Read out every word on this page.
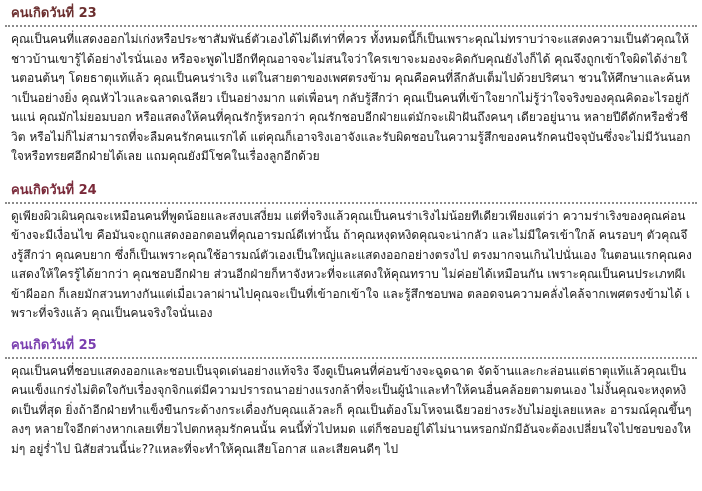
คนเกิดวันที่ 23

คุณเป็นคนที่แสดงออกไม่เก่งหรือประชาสัมพันธ์ตัวเองได้ไม่ดีเท่าที่ควร ทั้งหมดนี้ก็เป็นเพราะคุณไม่ทราบว่าจะแสดงความเป็นตัวคุณให้ชาวบ้านเขารู้ได้อย่างไรนั่นเอง หรือจะพูดไปอีกทีคุณอาจจะไม่สนใจว่าใครเขาจะมองจะคิดกับคุณยังไงก็ได้ คุณจึงถูกเข้าใจผิดได้ง่ายในตอนต้นๆ โดยธาตุแท้แล้ว คุณเป็นคนร่าเริง แต่ในสายตาของเพศตรงข้าม คุณคือคนที่ลึกลับเต็มไปด้วยปริศนา ชวนให้ศึกษาและค้นหาเป็นอย่างยิ่ง คุณหัวไวและฉลาดเฉลียว เป็นอย่างมาก แต่เพื่อนๆ กลับรู้สึกว่า คุณเป็นคนที่เข้าใจยากไม่รู้ว่าใจจริงของคุณคิดอะไรอยู่กันแน่ คุณมักไม่ยอมบอก หรือแสดงให้คนที่คุณรักรู้หรอกว่า คุณรักชอบอีกฝ่ายแต่มักจะเฝ้าฝันถึงคนๆ เดียวอยู่นาน หลายปีดีดักหรือชั่วชีวิต หรือไม่ก็ไม่สามารถที่จะลืมคนรักคนแรกได้ แต่คุณก็เอาจริงเอาจังและรับผิดชอบในความรู้สึกของคนรักคนปัจจุบันซึ่งจะไม่มีวันนอกใจหรือทรยศอีกฝ่ายได้เลย แถมคุณยังมีโชคในเรื่องลูกอีกด้วย

คนเกิดวันที่ 24

ดูเพียงผิวเผินคุณจะเหมือนคนที่พูดน้อยและสงบเสงี่ยม แต่ที่จริงแล้วคุณเป็นคนร่าเริงไม่น้อยทีเดียวเพียงแต่ว่า ความร่าเริงของคุณค่อนข้างจะมีเงื่อนไข คือมันจะถูกแสดงออกตอนที่คุณอารมณ์ดีเท่านั้น ถ้าคุณหงุดหงิดคุณจะน่ากลัว และไม่มีใครเข้าใกล้ คนรอบๆ ตัวคุณจึงรู้สึกว่า คุณคบยาก ซึ่งก็เป็นเพราะคุณใช้อารมณ์ตัวเองเป็นใหญ่และแสดงออกอย่างตรงไป ตรงมากจนเกินไปนั่นเอง ในตอนแรกคุณคงแสดงให้ใครรู้ได้ยากว่า คุณชอบอีกฝ่าย ส่วนอีกฝ่ายก็หาจังหวะที่จะแสดงให้คุณทราบ ไม่ค่อยได้เหมือนกัน เพราะคุณเป็นคนประเภทผีเข้าผีออก ก็เลยมักสวนทางกันแต่เมื่อเวลาผ่านไปคุณจะเป็นที่เข้าอกเข้าใจ และรู้สึกชอบพอ ตลอดจนความคลั่งไคล้จากเพศตรงข้ามได้ เพราะที่จริงแล้ว คุณเป็นคนจริงใจนั่นเอง

คนเกิดวันที่ 25

คุณเป็นคนที่ชอบแสดงออกและชอบเป็นจุดเด่นอย่างแท้จริง จึงดูเป็นคนที่ค่อนข้างจะฉูดฉาด จัดจ้านและกะล่อนแต่ธาตุแท้แล้วคุณเป็นคนแข็งแกร่งไม่ติดใจกับเรื่องจุกจิกแต่มีความปรารถนาอย่างแรงกล้าที่จะเป็นผู้นำและทำให้คนอื่นคล้อยตามตนเอง ไม่งั้นคุณจะหงุดหงิดเป็นที่สุด ยิ่งถ้าอีกฝ่ายทำแข็งขืนกระด้างกระเดื่องกับคุณแล้วละก็ คุณเป็นต้องโมโหจนเฉียวอย่างระงับไม่อยู่เลยแหละ อารมณ์คุณขึ้นๆลงๆ หลายใจอีกต่างหากเลยเที่ยวไปตกหลุมรักคนนั้น คนนี้ทั่วไปหมด แต่ก็ชอบอยู่ได้ไม่นานหรอกมักมีอันจะต้องเปลี่ยนใจไปชอบของใหม่ๆ อยู่ร่ำไป นิสัยส่วนนี้น่ะ??แหละที่จะทำให้คุณเสียโอกาส และเสียคนดีๆ ไป
